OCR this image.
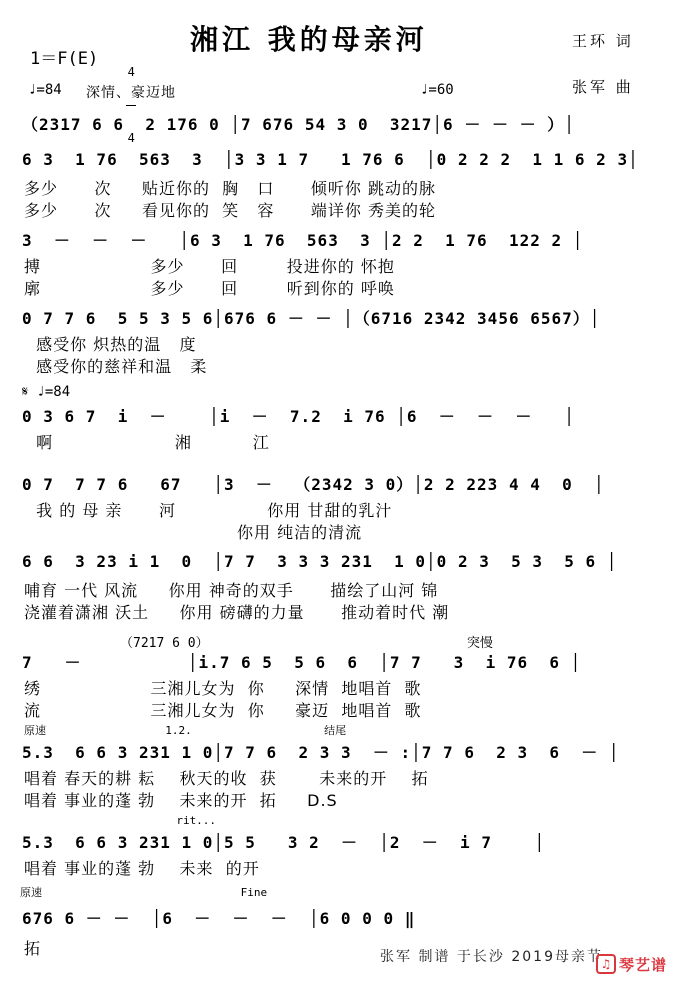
湘江 我的母亲河
1＝F(E)

4

4

王环 词
张军 曲
♩=84 深情、豪迈地	♩=60
（2317 6 6  2 176 0 │7 676 54 3 0  3217│6 － － － ）│
6 3  1 76  563  3  │3 3 1 7   1 76 6  │0 2 2 2  1 1 6 2 3│
多少      次     贴近你的  胸   口      倾听你 跳动的脉
多少      次     看见你的  笑   容      端详你 秀美的轮
3  －  －  －   │6 3  1 76  563  3 │2 2  1 76  122 2 │
搏                  多少      回        投进你的 怀抱
廓                  多少      回        听到你的 呼唤
0 7 7 6  5 5 3 5 6│676 6 － － │（6716 2342 3456 6567）│
感受你 炽热的温   度
感受你的慈祥和温   柔
𝄋 ♩=84
0 3 6 7  i  －    │i  －  7.2  i 76 │6  －  －  －   │
啊                    湘          江
0 7  7 7 6   67   │3  －  （2342 3 0）│2 2 223 4 4  0  │
我 的 母 亲      河               你用 甘甜的乳汁
你用 纯洁的清流
6 6  3 23 i 1  0  │7 7  3 3 3 231  1 0│0 2 3  5 3  5 6 │
哺育 一代 风流     你用 神奇的双手      描绘了山河 锦
浇灌着潇湘 沃土     你用 磅礴的力量      推动着时代 潮
（7217 6 0）                                 突慢
7   －          │i.7 6 5  5 6  6  │7 7   3  i 76  6 │
绣                  三湘儿女为  你     深情  地唱首  歌
流                  三湘儿女为  你     豪迈  地唱首  歌
原速                  1.2.                    结尾
5.3  6 6 3 231 1 0│7 7 6  2 3 3  － :│7 7 6  2 3  6  － │
唱着 春天的耕 耘    秋天的收  获       未来的开    拓
唱着 事业的蓬 勃    未来的开  拓     D.S
rit...
5.3  6 6 3 231 1 0│5 5   3 2  －  │2  －  i 7    │
唱着 事业的蓬 勃    未来  的开
原速                              Fine
676 6 － －  │6  －  －  －  │6 0 0 0 ‖
拓	张军 制谱 于长沙 2019母亲节
♫ 琴艺谱
